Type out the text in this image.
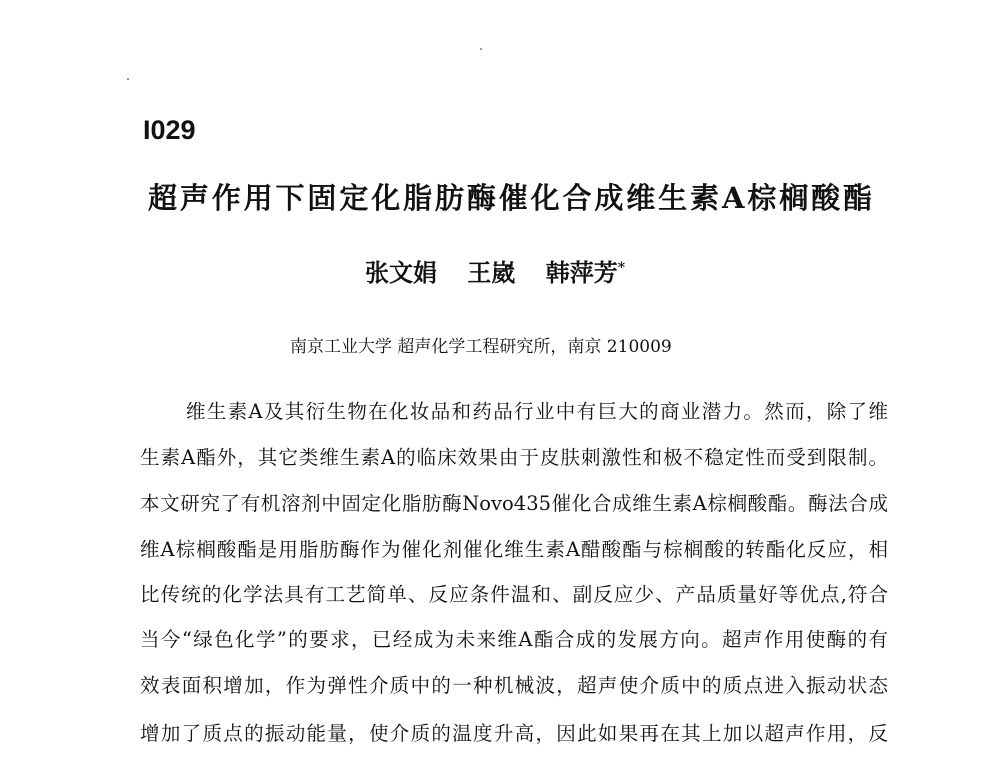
I029
超声作用下固定化脂肪酶催化合成维生素A棕榈酸酯
张文娟 王崴 韩萍芳*
南京工业大学 超声化学工程研究所，南京 210009
维生素A及其衍生物在化妆品和药品行业中有巨大的商业潜力。然而，除了维
生素A酯外，其它类维生素A的临床效果由于皮肤刺激性和极不稳定性而受到限制。
本文研究了有机溶剂中固定化脂肪酶Novo435催化合成维生素A棕榈酸酯。酶法合成
维A棕榈酸酯是用脂肪酶作为催化剂催化维生素A醋酸酯与棕榈酸的转酯化反应，相
比传统的化学法具有工艺简单、反应条件温和、副反应少、产品质量好等优点,符合
当今“绿色化学”的要求，已经成为未来维A酯合成的发展方向。超声作用使酶的有
效表面积增加，作为弹性介质中的一种机械波，超声使介质中的质点进入振动状态
增加了质点的振动能量，使介质的温度升高，因此如果再在其上加以超声作用，反
